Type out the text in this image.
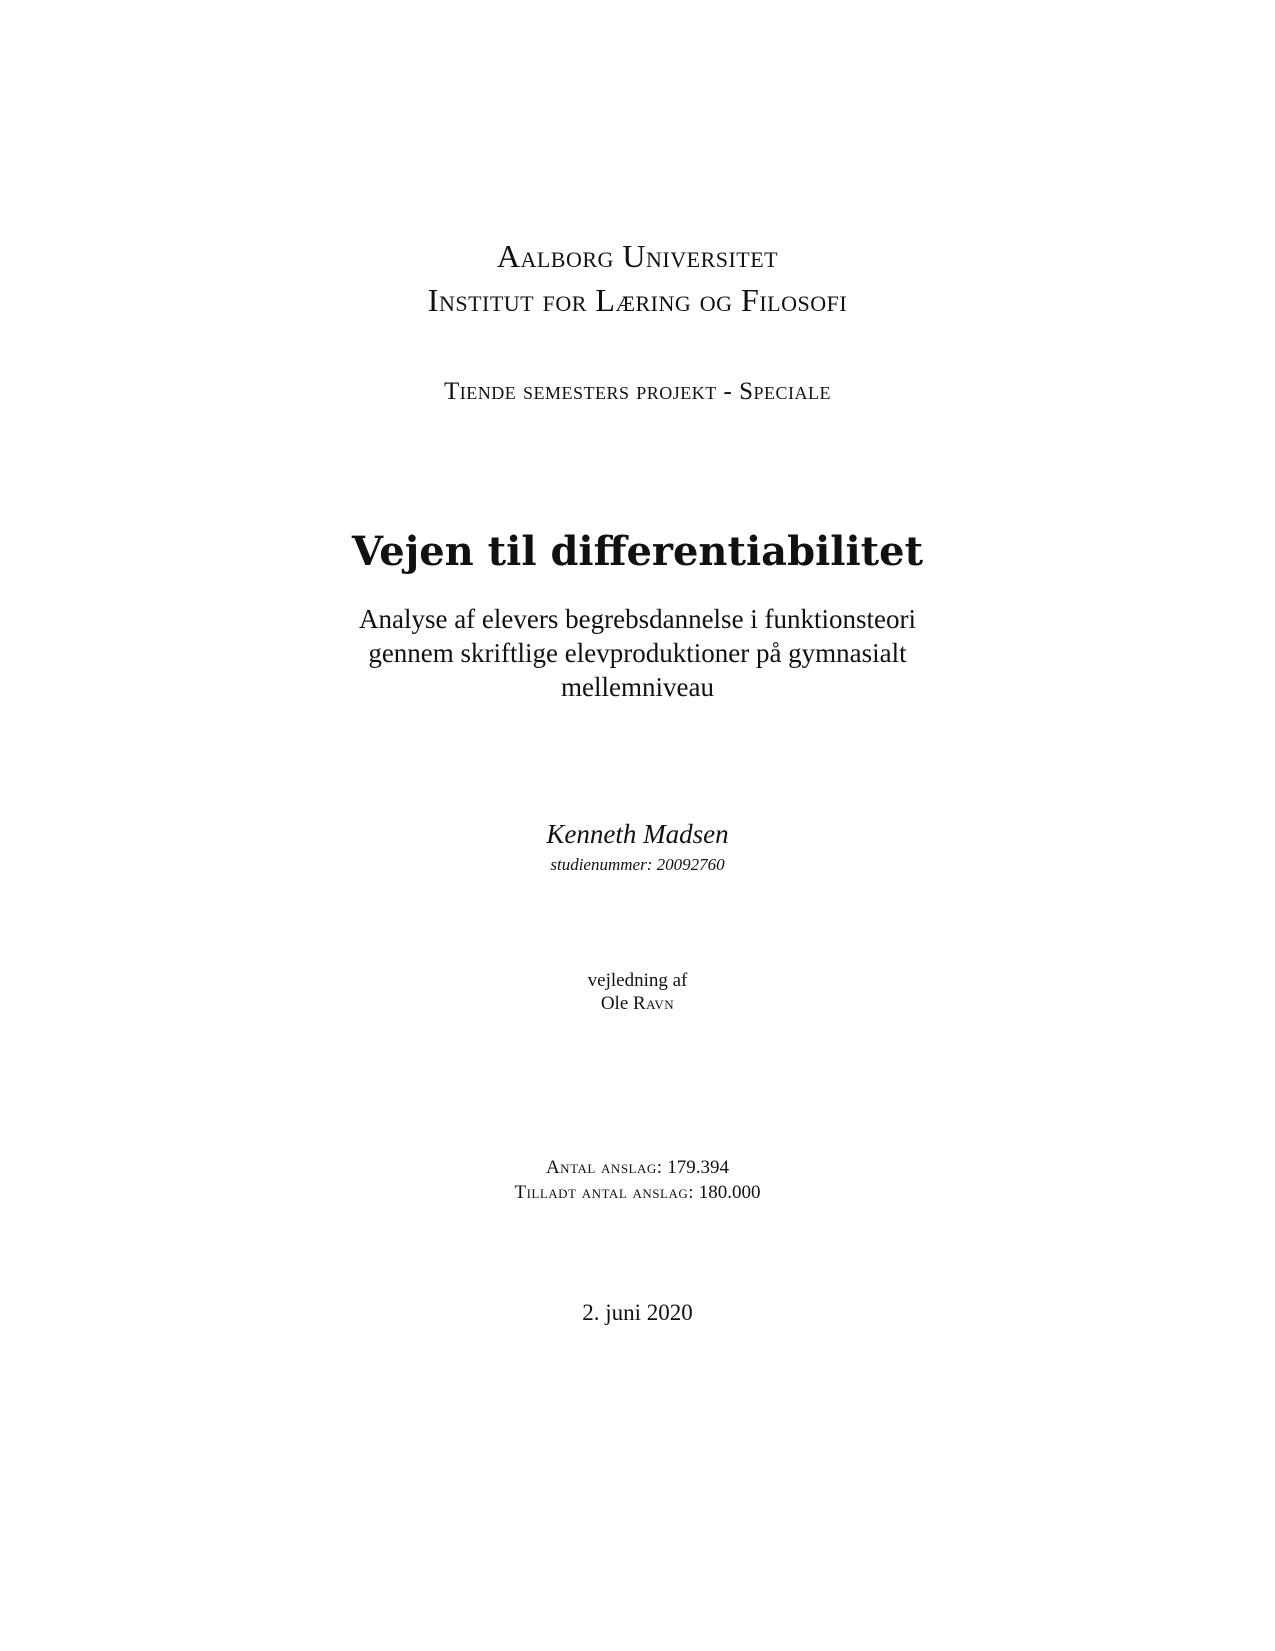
Aalborg Universitet
Institut for Læring og Filosofi
Tiende semesters projekt - Speciale
Vejen til differentiabilitet
Analyse af elevers begrebsdannelse i funktionsteori
gennem skriftlige elevproduktioner på gymnasialt
mellemniveau
Kenneth Madsen
studienummer: 20092760
vejledning af
Ole Ravn
Antal anslag: 179.394
Tilladt antal anslag: 180.000
2. juni 2020
